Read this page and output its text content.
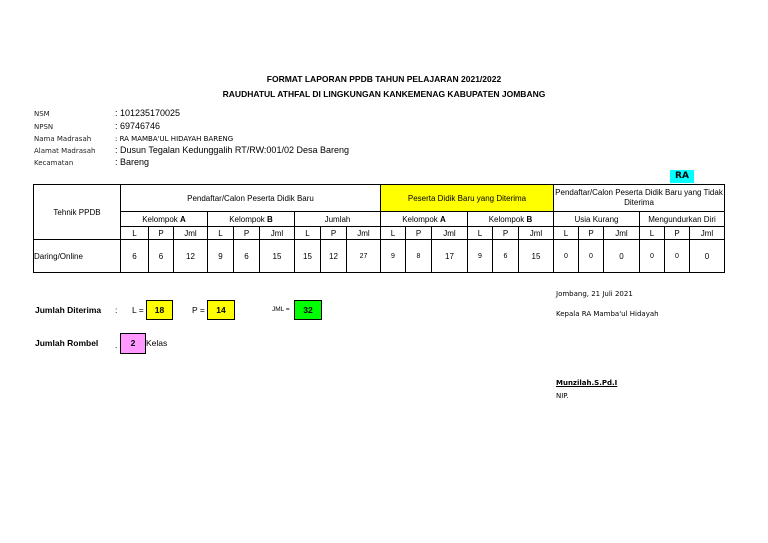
FORMAT LAPORAN PPDB TAHUN PELAJARAN 2021/2022
RAUDHATUL ATHFAL DI LINGKUNGAN KANKEMENAG KABUPATEN JOMBANG
NSM	: 101235170025
NPSN	: 69746746
Nama Madrasah	: RA MAMBA'UL HIDAYAH BARENG
Alamat Madrasah : Dusun Tegalan Kedunggalih RT/RW:001/02 Desa Bareng
Kecamatan	: Bareng
RA
Tehnik PPDB	Pendaftar/Calon Peserta Didik Baru									Peserta Didik Baru yang Diterima						Pendaftar/Calon Peserta Didik Baru yang Tidak Diterima					
	Kelompok A			Kelompok B			Jumlah			Kelompok A			Kelompok B			Usia Kurang			Mengundurkan Diri		
	L	P	Jml	L	P	Jml	L	P	Jml	L	P	Jml	L	P	Jml	L	P	Jml	L	P	Jml
Daring/Online	6	6	12	9	6	15	15	12	27	9	8	17	9	6	15	0	0	0	0	0	0
Jumlah Diterima : L =	18	P =	14	JML =	32
Jumlah Rombel .	2	Kelas
Jombang, 21 Juli 2021
Kepala RA Mamba'ul Hidayah
Munzilah.S.Pd.I
NIP.
